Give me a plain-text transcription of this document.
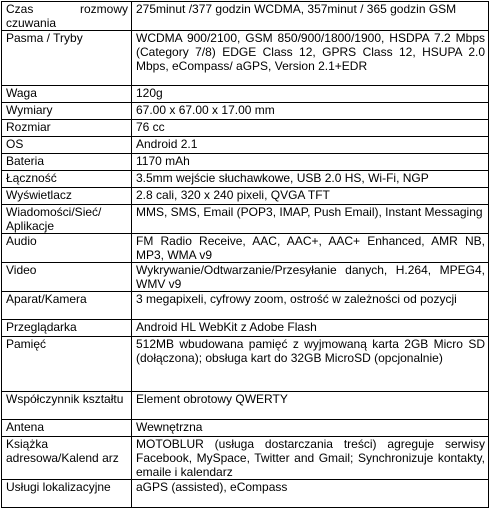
Czas rozmowy czuwania	275minut /377 godzin WCDMA, 357minut / 365 godzin GSM
Pasma / Tryby	WCDMA 900/2100, GSM 850/900/1800/1900, HSDPA 7.2 Mbps (Category 7/8) EDGE Class 12, GPRS Class 12, HSUPA 2.0 Mbps, eCompass/ aGPS, Version 2.1+EDR
Waga	120g
Wymiary	67.00 x 67.00 x 17.00 mm
Rozmiar	76 cc
OS	Android 2.1
Bateria	1170 mAh
Łączność	3.5mm wejście słuchawkowe, USB 2.0 HS, Wi-Fi, NGP
Wyświetlacz	2.8 cali, 320 x 240 pixeli, QVGA TFT
Wiadomości/Sieć/ Aplikacje	MMS, SMS, Email (POP3, IMAP, Push Email), Instant Messaging
Audio	FM Radio Receive, AAC, AAC+, AAC+ Enhanced, AMR NB, MP3, WMA v9
Video	Wykrywanie/Odtwarzanie/Przesyłanie danych, H.264, MPEG4, WMV v9
Aparat/Kamera	3 megapixeli, cyfrowy zoom, ostrość w zależności od pozycji
Przeglądarka	Android HL WebKit z Adobe Flash
Pamięć	512MB wbudowana pamięć z wyjmowaną karta 2GB Micro SD (dołączona); obsługa kart do 32GB MicroSD (opcjonalnie)
Współczynnik kształtu	Element obrotowy QWERTY
Antena	Wewnętrzna
Książka adresowa/Kalend arz	MOTOBLUR (usługa dostarczania treści) agreguje serwisy Facebook, MySpace, Twitter and Gmail; Synchronizuje kontakty, emaile i kalendarz
Usługi lokalizacyjne	aGPS (assisted), eCompass
